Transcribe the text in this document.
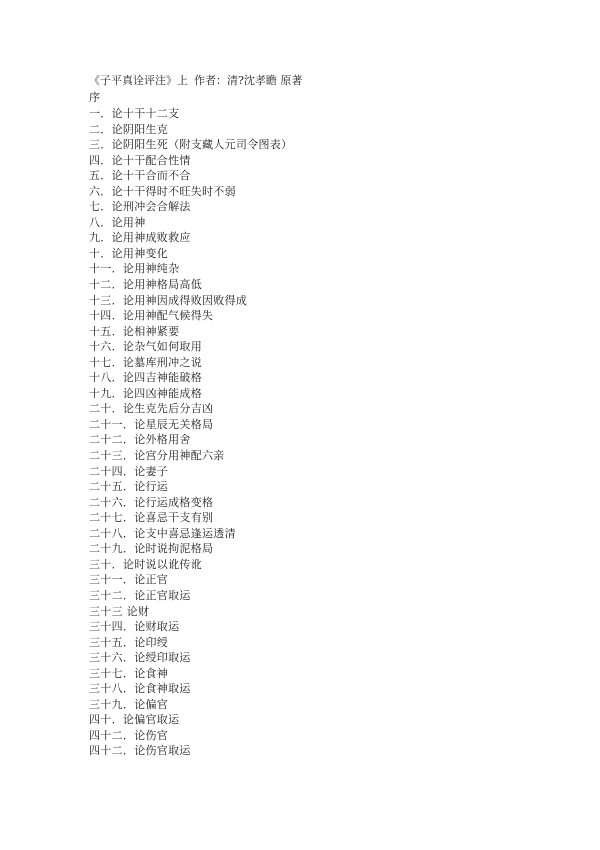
《子平真诠评注》上 作者：清?沈孝瞻 原著
序
一．论十干十二支
二．论阴阳生克
三．论阴阳生死（附支藏人元司令图表）
四．论十干配合性情
五．论十干合而不合
六．论十干得时不旺失时不弱
七．论刑冲会合解法
八．论用神
九．论用神成败救应
十．论用神变化
十一．论用神纯杂
十二．论用神格局高低
十三．论用神因成得败因败得成
十四．论用神配气候得失
十五．论相神紧要
十六．论杂气如何取用
十七．论墓库刑冲之说
十八．论四吉神能破格
十九．论四凶神能成格
二十．论生克先后分吉凶
二十一．论星辰无关格局
二十二．论外格用舍
二十三．论宫分用神配六亲
二十四．论妻子
二十五．论行运
二十六．论行运成格变格
二十七．论喜忌干支有别
二十八．论支中喜忌逢运透清
二十九．论时说拘泥格局
三十．论时说以讹传讹
三十一．论正官
三十二．论正官取运
三十三 论财
三十四．论财取运
三十五．论印绶
三十六．论绶印取运
三十七．论食神
三十八．论食神取运
三十九．论偏官
四十．论偏官取运
四十二．论伤官
四十二．论伤官取运
